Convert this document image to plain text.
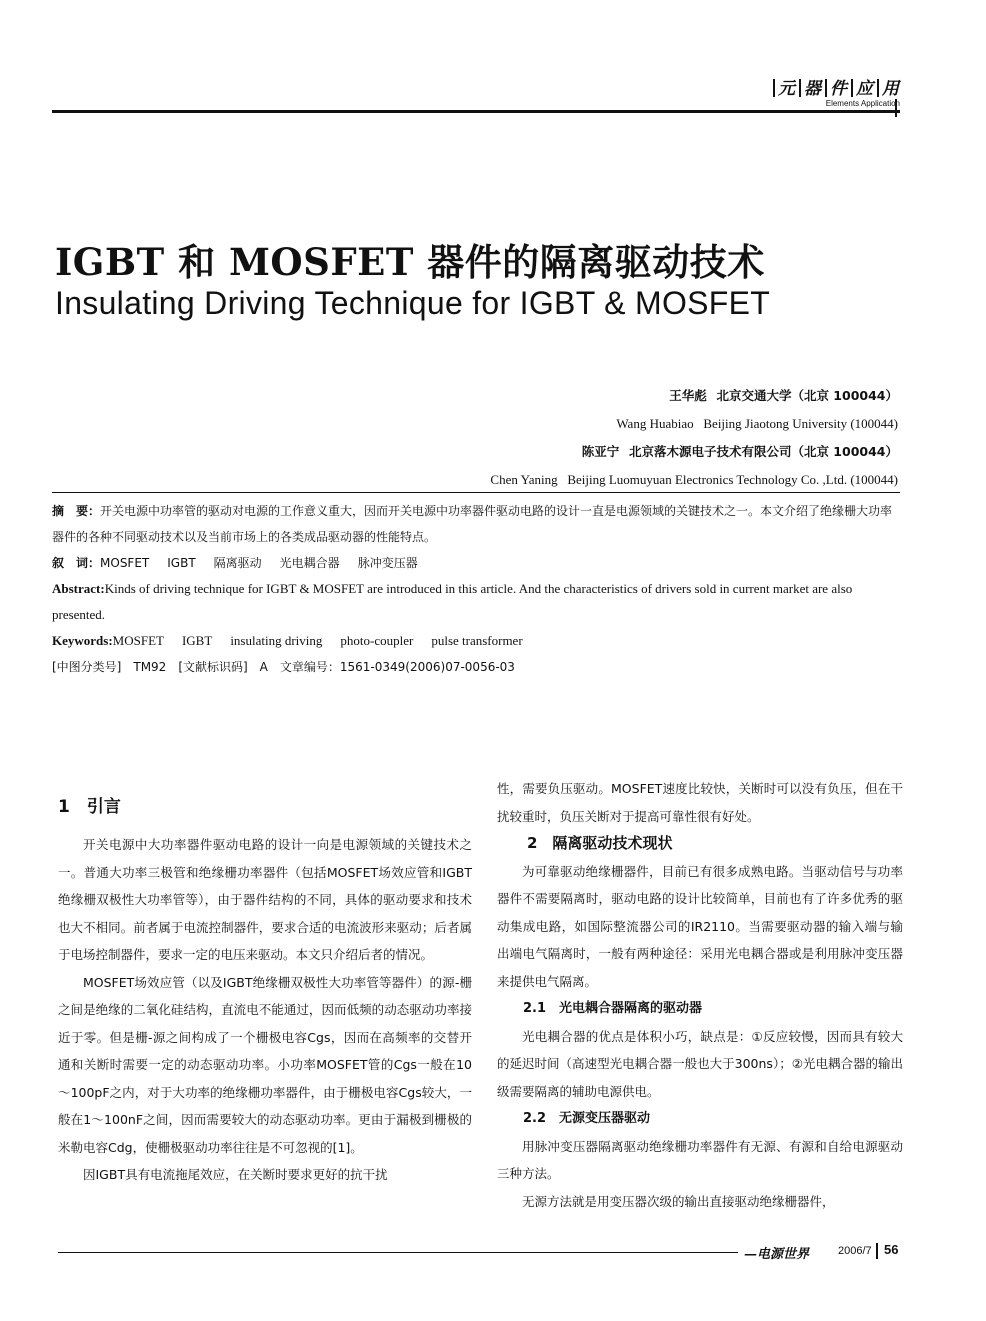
元 器 件 应 用
Elements Application
IGBT 和 MOSFET 器件的隔离驱动技术
Insulating Driving Technique for IGBT & MOSFET
王华彪 北京交通大学（北京 100044）
Wang Huabiao Beijing Jiaotong University (100044)
陈亚宁 北京落木源电子技术有限公司（北京 100044）
Chen Yaning Beijing Luomuyuan Electronics Technology Co. ,Ltd. (100044)

摘　要：开关电源中功率管的驱动对电源的工作意义重大，因而开关电源中功率器件驱动电路的设计一直是电源领域的关键技术之一。本文介绍了绝缘栅大功率器件的各种不同驱动技术以及当前市场上的各类成品驱动器的性能特点。

叙　词：MOSFET IGBT 隔离驱动 光电耦合器 脉冲变压器

Abstract:Kinds of driving technique for IGBT & MOSFET are introduced in this article. And the characteristics of drivers sold in current market are also presented.

Keywords:MOSFET IGBT insulating driving photo-coupler pulse transformer

[中图分类号]　TM92　[文献标识码]　A　文章编号：1561-0349(2006)07-0056-03

1　引言

开关电源中大功率器件驱动电路的设计一向是电源领域的关键技术之一。普通大功率三极管和绝缘栅功率器件（包括MOSFET场效应管和IGBT绝缘栅双极性大功率管等），由于器件结构的不同，具体的驱动要求和技术也大不相同。前者属于电流控制器件，要求合适的电流波形来驱动；后者属于电场控制器件，要求一定的电压来驱动。本文只介绍后者的情况。

MOSFET场效应管（以及IGBT绝缘栅双极性大功率管等器件）的源-栅之间是绝缘的二氧化硅结构，直流电不能通过，因而低频的动态驱动功率接近于零。但是栅-源之间构成了一个栅极电容Cgs，因而在高频率的交替开通和关断时需要一定的动态驱动功率。小功率MOSFET管的Cgs一般在10～100pF之内，对于大功率的绝缘栅功率器件，由于栅极电容Cgs较大，一般在1～100nF之间，因而需要较大的动态驱动功率。更由于漏极到栅极的米勒电容Cdg，使栅极驱动功率往往是不可忽视的[1]。

因IGBT具有电流拖尾效应，在关断时要求更好的抗干扰

性，需要负压驱动。MOSFET速度比较快，关断时可以没有负压，但在干扰较重时，负压关断对于提高可靠性很有好处。

2　隔离驱动技术现状

为可靠驱动绝缘栅器件，目前已有很多成熟电路。当驱动信号与功率器件不需要隔离时，驱动电路的设计比较简单，目前也有了许多优秀的驱动集成电路，如国际整流器公司的IR2110。当需要驱动器的输入端与输出端电气隔离时，一般有两种途径：采用光电耦合器或是利用脉冲变压器来提供电气隔离。

2.1　光电耦合器隔离的驱动器

光电耦合器的优点是体积小巧，缺点是：①反应较慢，因而具有较大的延迟时间（高速型光电耦合器一般也大于300ns）；②光电耦合器的输出级需要隔离的辅助电源供电。

2.2　无源变压器驱动

用脉冲变压器隔离驱动绝缘栅功率器件有无源、有源和自给电源驱动三种方法。

无源方法就是用变压器次级的输出直接驱动绝缘栅器件，

—电源世界	2006/7 56
